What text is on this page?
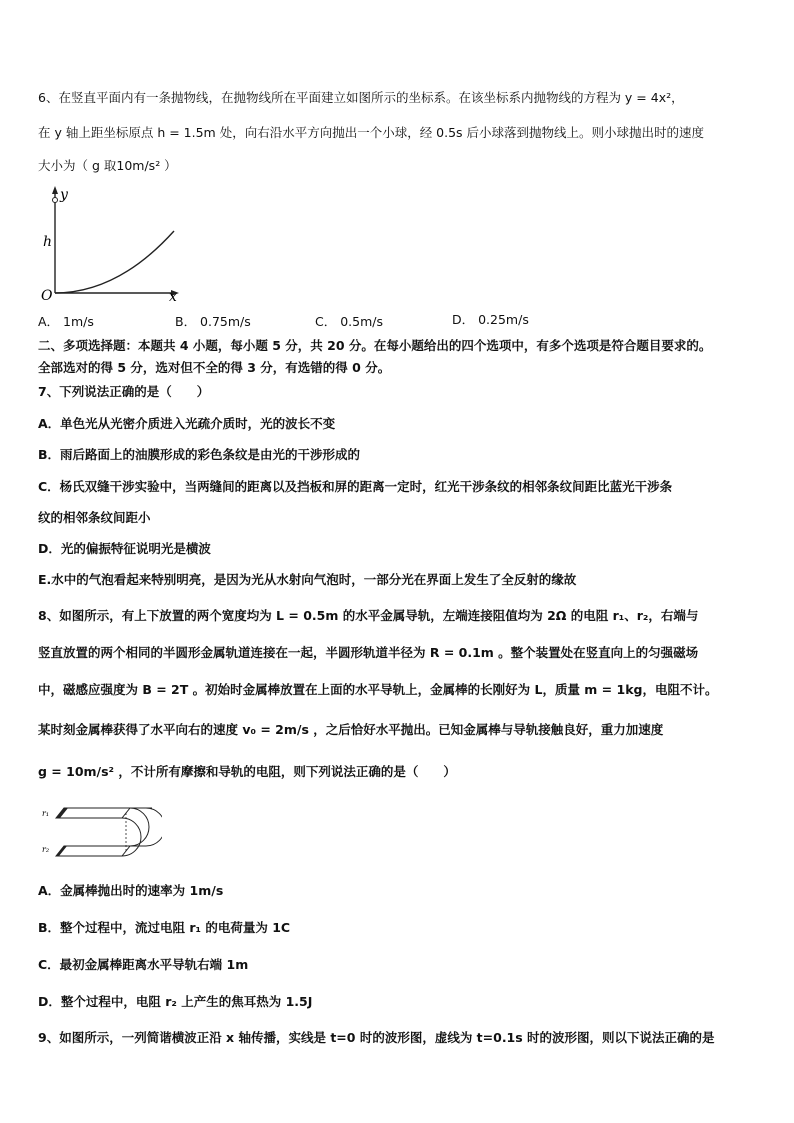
6、在竖直平面内有一条抛物线，在抛物线所在平面建立如图所示的坐标系。在该坐标系内抛物线的方程为 y = 4x²，
在 y 轴上距坐标原点 h = 1.5m 处，向右沿水平方向抛出一个小球，经 0.5s 后小球落到抛物线上。则小球抛出时的速度
大小为（ g 取10m/s² ）
y
h
O	x
A． 1m/s	B． 0.75m/s	C． 0.5m/s	D． 0.25m/s
二、多项选择题：本题共 4 小题，每小题 5 分，共 20 分。在每小题给出的四个选项中，有多个选项是符合题目要求的。
全部选对的得 5 分，选对但不全的得 3 分，有选错的得 0 分。
7、下列说法正确的是（　　）
A．单色光从光密介质进入光疏介质时，光的波长不变
B．雨后路面上的油膜形成的彩色条纹是由光的干涉形成的
C．杨氏双缝干涉实验中，当两缝间的距离以及挡板和屏的距离一定时，红光干涉条纹的相邻条纹间距比蓝光干涉条
纹的相邻条纹间距小
D．光的偏振特征说明光是横波
E.水中的气泡看起来特别明亮，是因为光从水射向气泡时，一部分光在界面上发生了全反射的缘故
8、如图所示，有上下放置的两个宽度均为 L = 0.5m 的水平金属导轨，左端连接阻值均为 2Ω 的电阻 r₁、r₂，右端与
竖直放置的两个相同的半圆形金属轨道连接在一起，半圆形轨道半径为 R = 0.1m 。整个装置处在竖直向上的匀强磁场
中，磁感应强度为 B = 2T 。初始时金属棒放置在上面的水平导轨上，金属棒的长刚好为 L，质量 m = 1kg，电阻不计。
某时刻金属棒获得了水平向右的速度 v₀ = 2m/s ，之后恰好水平抛出。已知金属棒与导轨接触良好，重力加速度
g = 10m/s² ，不计所有摩擦和导轨的电阻，则下列说法正确的是（　　）
r₁
r₂
A．金属棒抛出时的速率为 1m/s
B．整个过程中，流过电阻 r₁ 的电荷量为 1C
C．最初金属棒距离水平导轨右端 1m
D．整个过程中，电阻 r₂ 上产生的焦耳热为 1.5J
9、如图所示，一列简谐横波正沿 x 轴传播，实线是 t=0 时的波形图，虚线为 t=0.1s 时的波形图，则以下说法正确的是
